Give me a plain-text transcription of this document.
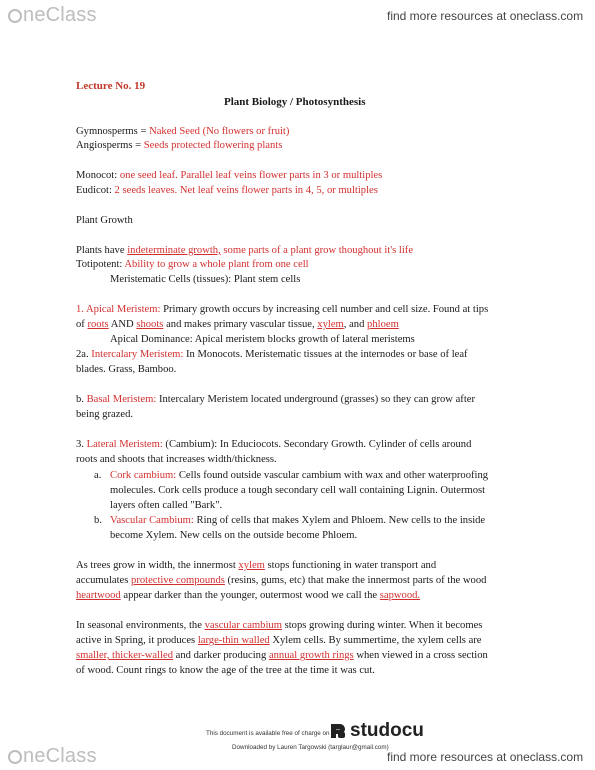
neClass	find more resources at oneclass.com
Lecture No. 19
Plant Biology / Photosynthesis
Gymnosperms = Naked Seed (No flowers or fruit)
Angiosperms = Seeds protected flowering plants
Monocot: one seed leaf. Parallel leaf veins flower parts in 3 or multiples
Eudicot: 2 seeds leaves. Net leaf veins flower parts in 4, 5, or multiples
Plant Growth
Plants have indeterminate growth, some parts of a plant grow thoughout it's life
Totipotent: Ability to grow a whole plant from one cell
Meristematic Cells (tissues): Plant stem cells
1. Apical Meristem: Primary growth occurs by increasing cell number and cell size. Found at tips
of roots AND shoots and makes primary vascular tissue, xylem, and phloem
Apical Dominance: Apical meristem blocks growth of lateral meristems
2a. Intercalary Meristem: In Monocots. Meristematic tissues at the internodes or base of leaf
blades. Grass, Bamboo.
b. Basal Meristem: Intercalary Meristem located underground (grasses) so they can grow after
being grazed.
3. Lateral Meristem: (Cambium): In Educiocots. Secondary Growth. Cylinder of cells around
roots and shoots that increases width/thickness.
a. Cork cambium: Cells found outside vascular cambium with wax and other waterproofing
molecules. Cork cells produce a tough secondary cell wall containing Lignin. Outermost
layers often called "Bark".
b. Vascular Cambium: Ring of cells that makes Xylem and Phloem. New cells to the inside
become Xylem. New cells on the outside become Phloem.
As trees grow in width, the innermost xylem stops functioning in water transport and
accumulates protective compounds (resins, gums, etc) that make the innermost parts of the wood
heartwood appear darker than the younger, outermost wood we call the sapwood.
In seasonal environments, the vascular cambium stops growing during winter. When it becomes
active in Spring, it produces large-thin walled Xylem cells. By summertime, the xylem cells are
smaller, thicker-walled and darker producing annual growth rings when viewed in a cross section
of wood. Count rings to know the age of the tree at the time it was cut.
This document is available free of charge on studocu
Downloaded by Lauren Targowski (targlaur@gmail.com)
neClass	find more resources at oneclass.com
